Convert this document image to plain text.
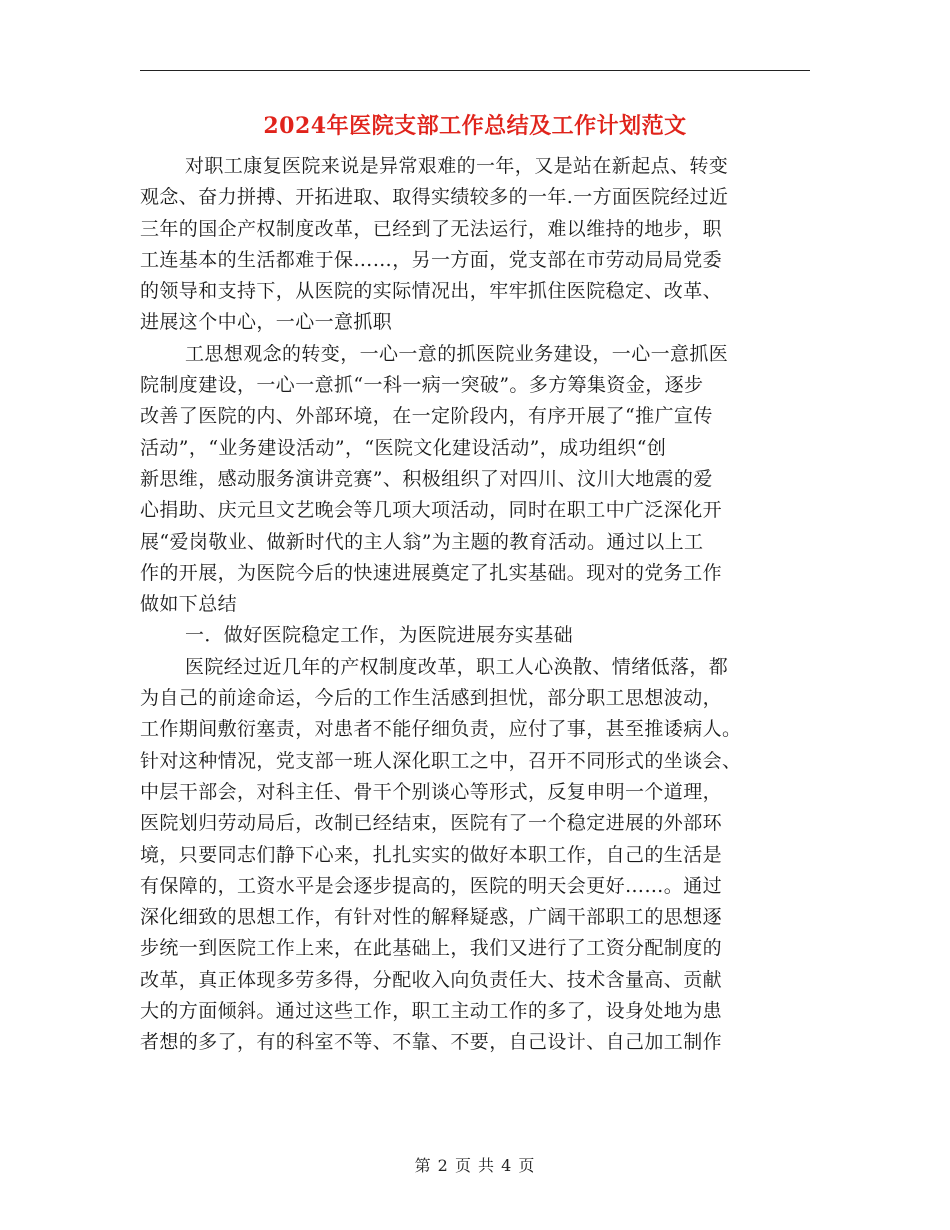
2024年医院支部工作总结及工作计划范文
对职工康复医院来说是异常艰难的一年，又是站在新起点、转变
观念、奋力拼搏、开拓进取、取得实绩较多的一年.一方面医院经过近
三年的国企产权制度改革，已经到了无法运行，难以维持的地步，职
工连基本的生活都难于保……，另一方面，党支部在市劳动局局党委
的领导和支持下，从医院的实际情况出，牢牢抓住医院稳定、改革、
进展这个中心，一心一意抓职
工思想观念的转变，一心一意的抓医院业务建设，一心一意抓医
院制度建设，一心一意抓“一科一病一突破”。多方筹集资金，逐步
改善了医院的内、外部环境，在一定阶段内，有序开展了“推广宣传
活动”，“业务建设活动”，“医院文化建设活动”，成功组织“创
新思维，感动服务演讲竞赛”、积极组织了对四川、汶川大地震的爱
心捐助、庆元旦文艺晚会等几项大项活动，同时在职工中广泛深化开
展“爱岗敬业、做新时代的主人翁”为主题的教育活动。通过以上工
作的开展，为医院今后的快速进展奠定了扎实基础。现对的党务工作
做如下总结
一．做好医院稳定工作，为医院进展夯实基础
医院经过近几年的产权制度改革，职工人心涣散、情绪低落，都
为自己的前途命运，今后的工作生活感到担忧，部分职工思想波动，
工作期间敷衍塞责，对患者不能仔细负责，应付了事，甚至推诿病人。
针对这种情况，党支部一班人深化职工之中，召开不同形式的坐谈会、
中层干部会，对科主任、骨干个别谈心等形式，反复申明一个道理，
医院划归劳动局后，改制已经结束，医院有了一个稳定进展的外部环
境，只要同志们静下心来，扎扎实实的做好本职工作，自己的生活是
有保障的，工资水平是会逐步提高的，医院的明天会更好……。通过
深化细致的思想工作，有针对性的解释疑惑，广阔干部职工的思想逐
步统一到医院工作上来，在此基础上，我们又进行了工资分配制度的
改革，真正体现多劳多得，分配收入向负责任大、技术含量高、贡献
大的方面倾斜。通过这些工作，职工主动工作的多了，设身处地为患
者想的多了，有的科室不等、不靠、不要，自己设计、自己加工制作
第 2 页 共 4 页
